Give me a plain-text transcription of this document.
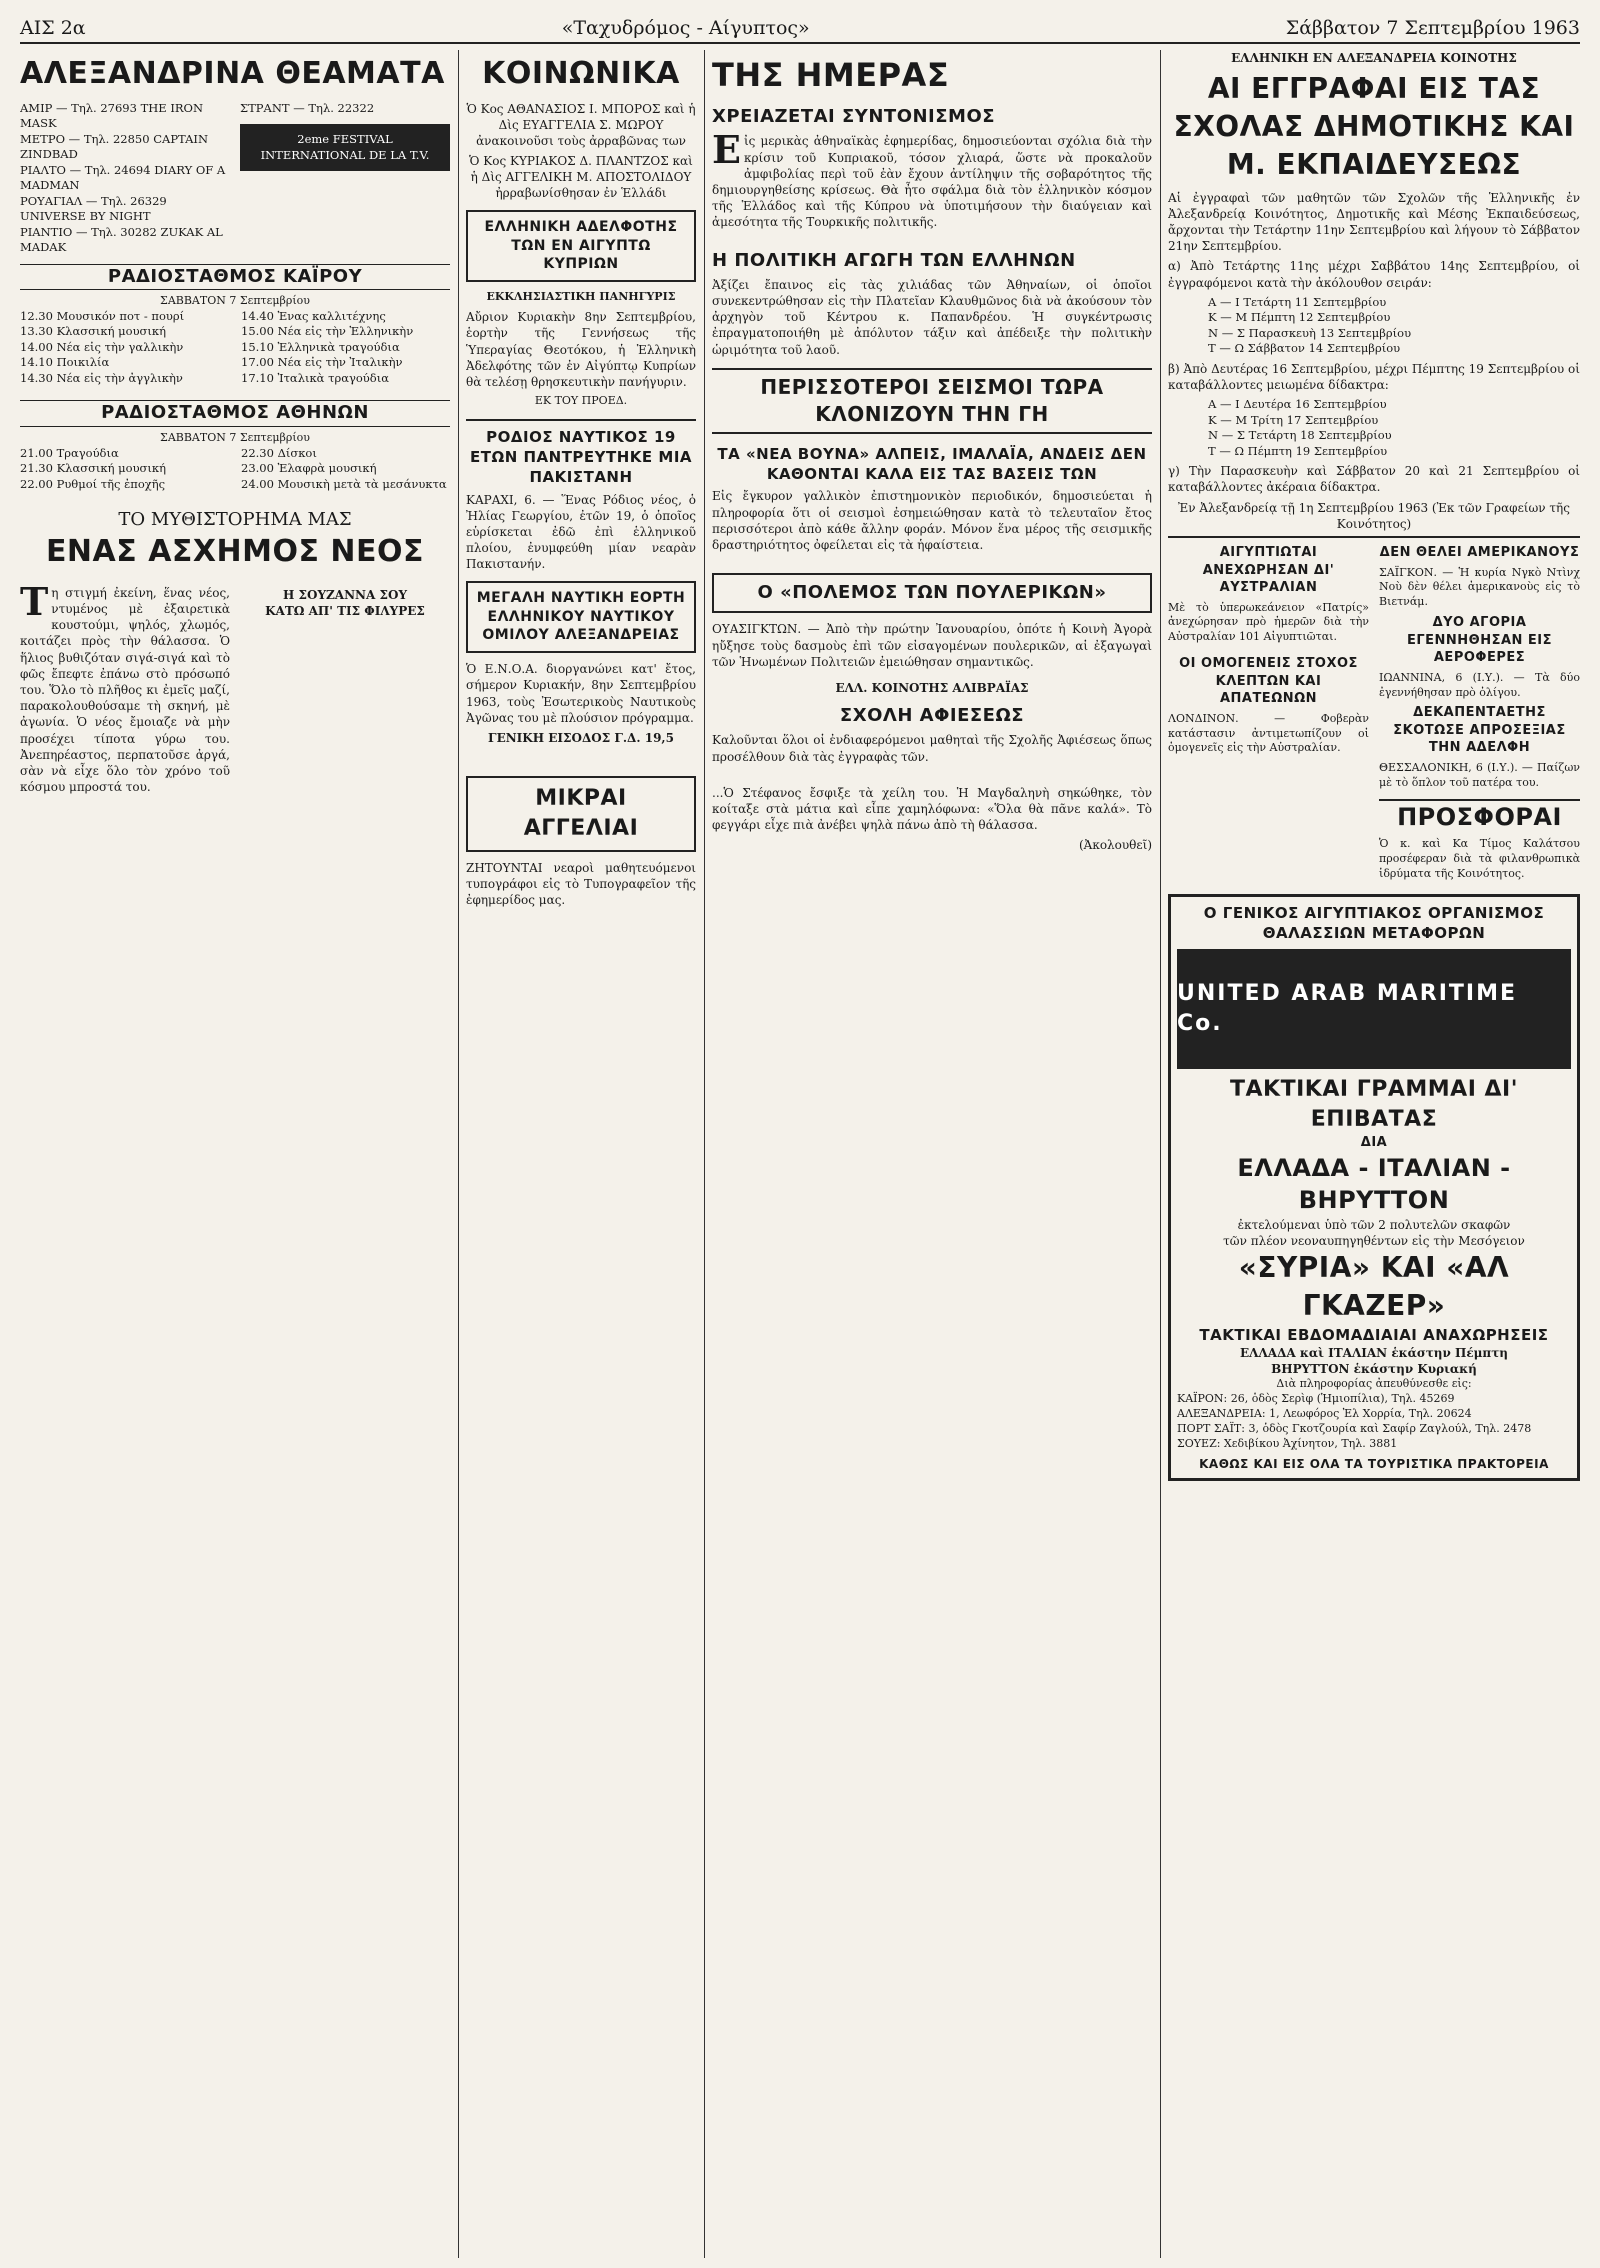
ΑΙΣ 2α	«Ταχυδρόμος - Αίγυπτος»	Σάββατον 7 Σεπτεμβρίου 1963
ΑΛΕΞΑΝΔΡΙΝΑ ΘΕΑΜΑΤΑ
ΑΜΙΡ — Τηλ. 27693 THE IRON MASK
ΜΕΤΡΟ — Τηλ. 22850 CAPTAIN ZINDBAD
ΡΙΑΛΤΟ — Τηλ. 24694 DIARY OF A MADMAN
ΡΟΥΑΓΙΑΛ — Τηλ. 26329 UNIVERSE BY NIGHT
ΡΙΑΝΤΙΟ — Τηλ. 30282 ZUKAK AL MADAK
ΣΤΡΑΝΤ — Τηλ. 22322
2eme FESTIVAL INTERNATIONAL DE LA T.V.
ΡΑΔΙΟΣΤΑΘΜΟΣ ΚΑΪΡΟΥ
ΣΑΒΒΑΤΟΝ 7 Σεπτεμβρίου
12.30 Μουσικόν ποτ - πουρί
13.30 Κλασσική μουσική
14.00 Νέα εἰς τὴν γαλλικὴν
14.10 Ποικιλία
14.30 Νέα εἰς τὴν ἀγγλικὴν
14.40 Ἑνας καλλιτέχνης
15.00 Νέα εἰς τὴν Ἑλληνικὴν
15.10 Ἑλληνικὰ τραγούδια
17.00 Νέα εἰς τὴν Ἰταλικὴν
17.10 Ἰταλικὰ τραγούδια
ΡΑΔΙΟΣΤΑΘΜΟΣ ΑΘΗΝΩΝ
ΣΑΒΒΑΤΟΝ 7 Σεπτεμβρίου
21.00 Τραγούδια
21.30 Κλασσική μουσική
22.00 Ρυθμοί τῆς ἐποχῆς
22.30 Δίσκοι
23.00 Ἐλαφρὰ μουσική
24.00 Μουσικὴ μετὰ τὰ μεσάνυκτα
ΤΟ ΜΥΘΙΣΤΟΡΗΜΑ ΜΑΣ
ΕΝΑΣ ΑΣΧΗΜΟΣ ΝΕΟΣ

Τη στιγμή ἐκείνη, ἕνας νέος, ντυμένος μὲ ἐξαιρετικὰ κουστούμι, ψηλός, χλωμός, κοιτάζει πρὸς τὴν θάλασσα. Ὁ ἥλιος βυθιζόταν σιγά-σιγά καὶ τὸ φῶς ἔπεφτε ἐπάνω στὸ πρόσωπό του. Ὅλο τὸ πλῆθος κι ἐμεῖς μαζί, παρακολουθούσαμε τὴ σκηνή, μὲ ἀγωνία. Ὁ νέος ἔμοιαζε νὰ μὴν προσέχει τίποτα γύρω του. Ἀνεπηρέαστος, περπατοῦσε ἀργά, σὰν νὰ εἶχε ὅλο τὸν χρόνο τοῦ κόσμου μπροστά του.

Η ΣΟΥΖΑΝΝΑ ΣΟΥ
ΚΑΤΩ ΑΠ' ΤΙΣ ΦΙΛΥΡΕΣ
ΚΟΙΝΩΝΙΚΑ

Ὁ Κος ΑΘΑΝΑΣΙΟΣ Ι. ΜΠΟΡΟΣ καὶ ἡ Δὶς ΕΥΑΓΓΕΛΙΑ Σ. ΜΩΡΟΥ ἀνακοινοῦσι τοὺς ἀρραβῶνας των

Ὁ Κος ΚΥΡΙΑΚΟΣ Δ. ΠΛΑΝΤΖΟΣ καὶ ἡ Δὶς ΑΓΓΕΛΙΚΗ Μ. ΑΠΟΣΤΟΛΙΔΟΥ ἠρραβωνίσθησαν ἐν Ἑλλάδι

ΕΛΛΗΝΙΚΗ ΑΔΕΛΦΟΤΗΣ ΤΩΝ ΕΝ ΑΙΓΥΠΤΩ ΚΥΠΡΙΩΝ
ΕΚΚΛΗΣΙΑΣΤΙΚΗ ΠΑΝΗΓΥΡΙΣ

Αὔριον Κυριακὴν 8ην Σεπτεμβρίου, ἑορτὴν τῆς Γεννήσεως τῆς Ὑπεραγίας Θεοτόκου, ἡ Ἑλληνικὴ Ἀδελφότης τῶν ἐν Αἰγύπτῳ Κυπρίων θὰ τελέσῃ θρησκευτικὴν πανήγυριν.

ΕΚ ΤΟΥ ΠΡΟΕΔ.
ΡΟΔΙΟΣ ΝΑΥΤΙΚΟΣ 19 ΕΤΩΝ ΠΑΝΤΡΕΥΤΗΚΕ ΜΙΑ ΠΑΚΙΣΤΑΝΗ

ΚΑΡΑΧΙ, 6. — Ἕνας Ρόδιος νέος, ὁ Ἠλίας Γεωργίου, ἐτῶν 19, ὁ ὁποῖος εὑρίσκεται ἐδῶ ἐπὶ ἑλληνικοῦ πλοίου, ἐνυμφεύθη μίαν νεαρὰν Πακιστανήν.

ΜΕΓΑΛΗ ΝΑΥΤΙΚΗ ΕΟΡΤΗ ΕΛΛΗΝΙΚΟΥ ΝΑΥΤΙΚΟΥ ΟΜΙΛΟΥ ΑΛΕΞΑΝΔΡΕΙΑΣ

Ὁ Ε.Ν.Ο.Α. διοργανώνει κατ' ἔτος, σήμερον Κυριακήν, 8ην Σεπτεμβρίου 1963, τοὺς Ἐσωτερικοὺς Ναυτικοὺς Ἀγῶνας του μὲ πλούσιον πρόγραμμα.

ΓΕΝΙΚΗ ΕΙΣΟΔΟΣ Γ.Δ. 19,5
ΜΙΚΡΑΙ ΑΓΓΕΛΙΑΙ

ΖΗΤΟΥΝΤΑΙ νεαροὶ μαθητευόμενοι τυπογράφοι εἰς τὸ Τυπογραφεῖον τῆς ἐφημερίδος μας.

ΤΗΣ ΗΜΕΡΑΣ
ΧΡΕΙΑΖΕΤΑΙ ΣΥΝΤΟΝΙΣΜΟΣ

Εἰς μερικὰς ἀθηναϊκὰς ἐφημερίδας, δημοσιεύονται σχόλια διὰ τὴν κρίσιν τοῦ Κυπριακοῦ, τόσον χλιαρά, ὥστε νὰ προκαλοῦν ἀμφιβολίας περὶ τοῦ ἐὰν ἔχουν ἀντίληψιν τῆς σοβαρότητος τῆς δημιουργηθείσης κρίσεως. Θὰ ἦτο σφάλμα διὰ τὸν ἑλληνικὸν κόσμον τῆς Ἑλλάδος καὶ τῆς Κύπρου νὰ ὑποτιμήσουν τὴν διαύγειαν καὶ ἀμεσότητα τῆς Τουρκικῆς πολιτικῆς.

Η ΠΟΛΙΤΙΚΗ ΑΓΩΓΗ ΤΩΝ ΕΛΛΗΝΩΝ

Ἀξίζει ἔπαινος εἰς τὰς χιλιάδας τῶν Ἀθηναίων, οἱ ὁποῖοι συνεκεντρώθησαν εἰς τὴν Πλατεῖαν Κλαυθμῶνος διὰ νὰ ἀκούσουν τὸν ἀρχηγὸν τοῦ Κέντρου κ. Παπανδρέου. Ἡ συγκέντρωσις ἐπραγματοποιήθη μὲ ἀπόλυτον τάξιν καὶ ἀπέδειξε τὴν πολιτικὴν ὡριμότητα τοῦ λαοῦ.

ΠΕΡΙΣΣΟΤΕΡΟΙ ΣΕΙΣΜΟΙ ΤΩΡΑ ΚΛΟΝΙΖΟΥΝ ΤΗΝ ΓΗ
ΤΑ «ΝΕΑ ΒΟΥΝΑ» ΑΛΠΕΙΣ, ΙΜΑΛΑΪΑ, ΑΝΔΕΙΣ ΔΕΝ ΚΑΘΟΝΤΑΙ ΚΑΛΑ ΕΙΣ ΤΑΣ ΒΑΣΕΙΣ ΤΩΝ

Εἰς ἔγκυρον γαλλικὸν ἐπιστημονικὸν περιοδικόν, δημοσιεύεται ἡ πληροφορία ὅτι οἱ σεισμοὶ ἐσημειώθησαν κατὰ τὸ τελευταῖον ἔτος περισσότεροι ἀπὸ κάθε ἄλλην φοράν. Μόνον ἕνα μέρος τῆς σεισμικῆς δραστηριότητος ὀφείλεται εἰς τὰ ἡφαίστεια.

Ο «ΠΟΛΕΜΟΣ ΤΩΝ ΠΟΥΛΕΡΙΚΩΝ»

ΟΥΑΣΙΓΚΤΩΝ. — Ἀπὸ τὴν πρώτην Ἰανουαρίου, ὁπότε ἡ Κοινὴ Ἀγορὰ ηὔξησε τοὺς δασμοὺς ἐπὶ τῶν εἰσαγομένων πουλερικῶν, αἱ ἐξαγωγαὶ τῶν Ἡνωμένων Πολιτειῶν ἐμειώθησαν σημαντικῶς.

ΕΛΛ. ΚΟΙΝΟΤΗΣ ΑΛΙΒΡΑΪΑΣ
ΣΧΟΛΗ ΑΦΙΕΣΕΩΣ

Καλοῦνται ὅλοι οἱ ἐνδιαφερόμενοι μαθηταὶ τῆς Σχολῆς Ἀφιέσεως ὅπως προσέλθουν διὰ τὰς ἐγγραφὰς τῶν.

...Ὁ Στέφανος ἔσφιξε τὰ χείλη του. Ἡ Μαγδαληνὴ σηκώθηκε, τὸν κοίταξε στὰ μάτια καὶ εἶπε χαμηλόφωνα: «Ὅλα θὰ πᾶνε καλά». Τὸ φεγγάρι εἶχε πιὰ ἀνέβει ψηλὰ πάνω ἀπὸ τὴ θάλασσα.

(Ἀκολουθεῖ)
ΕΛΛΗΝΙΚΗ ΕΝ ΑΛΕΞΑΝΔΡΕΙΑ ΚΟΙΝΟΤΗΣ
ΑΙ ΕΓΓΡΑΦΑΙ ΕΙΣ ΤΑΣ ΣΧΟΛΑΣ ΔΗΜΟΤΙΚΗΣ ΚΑΙ Μ. ΕΚΠΑΙΔΕΥΣΕΩΣ

Αἱ ἐγγραφαὶ τῶν μαθητῶν τῶν Σχολῶν τῆς Ἑλληνικῆς ἐν Ἀλεξανδρείᾳ Κοινότητος, Δημοτικῆς καὶ Μέσης Ἐκπαιδεύσεως, ἄρχονται τὴν Τετάρτην 11ην Σεπτεμβρίου καὶ λήγουν τὸ Σάββατον 21ην Σεπτεμβρίου.

α) Ἀπὸ Τετάρτης 11ης μέχρι Σαββάτου 14ης Σεπτεμβρίου, οἱ ἐγγραφόμενοι κατὰ τὴν ἀκόλουθον σειράν:

Α — Ι Τετάρτη 11 Σεπτεμβρίου
Κ — Μ Πέμπτη 12 Σεπτεμβρίου
Ν — Σ Παρασκευὴ 13 Σεπτεμβρίου
Τ — Ω Σάββατον 14 Σεπτεμβρίου

β) Ἀπὸ Δευτέρας 16 Σεπτεμβρίου, μέχρι Πέμπτης 19 Σεπτεμβρίου οἱ καταβάλλοντες μειωμένα δίδακτρα:

Α — Ι Δευτέρα 16 Σεπτεμβρίου
Κ — Μ Τρίτη 17 Σεπτεμβρίου
Ν — Σ Τετάρτη 18 Σεπτεμβρίου
Τ — Ω Πέμπτη 19 Σεπτεμβρίου

γ) Τὴν Παρασκευὴν καὶ Σάββατον 20 καὶ 21 Σεπτεμβρίου οἱ καταβάλλοντες ἀκέραια δίδακτρα.

Ἐν Ἀλεξανδρείᾳ τῇ 1η Σεπτεμβρίου 1963 (Ἐκ τῶν Γραφείων τῆς Κοινότητος)

ΑΙΓΥΠΤΙΩΤΑΙ ΑΝΕΧΩΡΗΣΑΝ ΔΙ' ΑΥΣΤΡΑΛΙΑΝ

Μὲ τὸ ὑπερωκεάνειον «Πατρίς» ἀνεχώρησαν πρὸ ἡμερῶν διὰ τὴν Αὐστραλίαν 101 Αἰγυπτιῶται.

ΟΙ ΟΜΟΓΕΝΕΙΣ ΣΤΟΧΟΣ ΚΛΕΠΤΩΝ ΚΑΙ ΑΠΑΤΕΩΝΩΝ

ΛΟΝΔΙΝΟΝ. — Φοβερὰν κατάστασιν ἀντιμετωπίζουν οἱ ὁμογενεῖς εἰς τὴν Αὐστραλίαν.

ΔΕΝ ΘΕΛΕΙ ΑΜΕΡΙΚΑΝΟΥΣ

ΣΑΪΓΚΟΝ. — Ἡ κυρία Νγκὸ Ντὶνχ Νοὺ δὲν θέλει ἀμερικανοὺς εἰς τὸ Βιετνάμ.

ΔΥΟ ΑΓΟΡΙΑ ΕΓΕΝΝΗΘΗΣΑΝ ΕΙΣ ΑΕΡΟΦΕΡΕΣ

ΙΩΑΝΝΙΝΑ, 6 (Ι.Υ.). — Τὰ δύο ἐγεννήθησαν πρὸ ὀλίγου.

ΔΕΚΑΠΕΝΤΑΕΤΗΣ ΣΚΟΤΩΣΕ ΑΠΡΟΣΕΞΙΑΣ ΤΗΝ ΑΔΕΛΦΗ

ΘΕΣΣΑΛΟΝΙΚΗ, 6 (Ι.Υ.). — Παίζων μὲ τὸ ὅπλον τοῦ πατέρα του.

ΠΡΟΣΦΟΡΑΙ

Ὁ κ. καὶ Κα Τίμος Καλάτσου προσέφεραν διὰ τὰ φιλανθρωπικὰ ἱδρύματα τῆς Κοινότητος.

Ο ΓΕΝΙΚΟΣ ΑΙΓΥΠΤΙΑΚΟΣ ΟΡΓΑΝΙΣΜΟΣ ΘΑΛΑΣΣΙΩΝ ΜΕΤΑΦΟΡΩΝ
UNITED ARAB MARITIME Co.
ΤΑΚΤΙΚΑΙ ΓΡΑΜΜΑΙ ΔΙ' ΕΠΙΒΑΤΑΣ
ΔΙΑ
ΕΛΛΑΔΑ - ΙΤΑΛΙΑΝ - ΒΗΡΥΤΤΟΝ
ἐκτελούμεναι ὑπὸ τῶν 2 πολυτελῶν σκαφῶν
τῶν πλέον νεοναυπηγηθέντων εἰς τὴν Μεσόγειον
«ΣΥΡΙΑ» ΚΑΙ «ΑΛ ΓΚΑΖΕΡ»
ΤΑΚΤΙΚΑΙ ΕΒΔΟΜΑΔΙΑΙΑΙ ΑΝΑΧΩΡΗΣΕΙΣ
ΕΛΛΑΔΑ καὶ ΙΤΑΛΙΑΝ ἑκάστην Πέμπτη
ΒΗΡΥΤΤΟΝ ἑκάστην Κυριακή
Διὰ πληροφορίας ἀπευθύνεσθε εἰς:
ΚΑΪΡΟΝ: 26, ὁδὸς Σερὶφ (Ἡμιοπίλια), Τηλ. 45269
ΑΛΕΞΑΝΔΡΕΙΑ: 1, Λεωφόρος Ἐλ Χορρία, Τηλ. 20624
ΠΟΡΤ ΣΑΪΤ: 3, ὁδὸς Γκοτζουρία καὶ Σαφίρ Ζαγλούλ, Τηλ. 2478
ΣΟΥΕΖ: Χεδιβίκου Ἀχίνητον, Τηλ. 3881
ΚΑΘΩΣ ΚΑΙ ΕΙΣ ΟΛΑ ΤΑ ΤΟΥΡΙΣΤΙΚΑ ΠΡΑΚΤΟΡΕΙΑ
